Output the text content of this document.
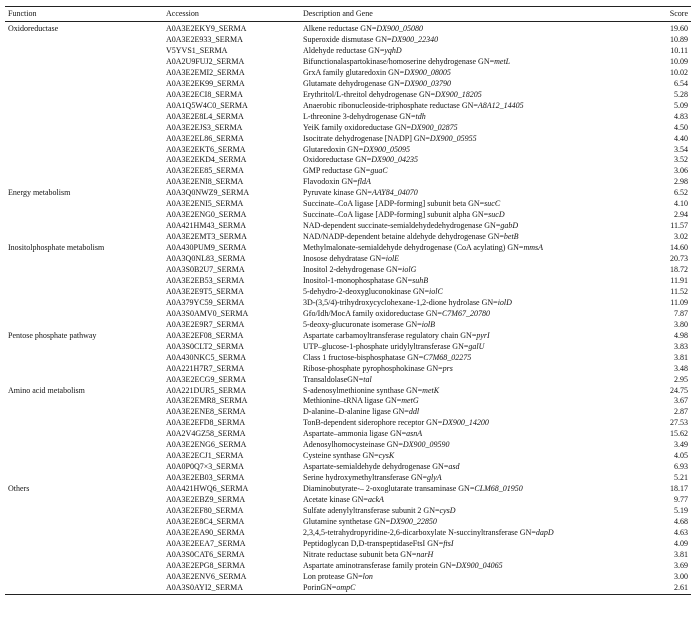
Function	Accession	Description and Gene	Score
Oxidoreductase	A0A3E2EKY9_SERMA	Alkene reductase GN=DX900_05080	19.60
	A0A3E2E933_SERMA	Superoxide dismutase GN=DX900_22340	10.89
	V5YVS1_SERMA	Aldehyde reductase GN=yqhD	10.11
	A0A2U9FUJ2_SERMA	Bifunctionalaspartokinase/homoserine dehydrogenase GN=metL	10.09
	A0A3E2EMI2_SERMA	GrxA family glutaredoxin GN=DX900_08005	10.02
	A0A3E2EK99_SERMA	Glutamate dehydrogenase GN=DX900_03790	6.54
	A0A3E2ECI8_SERMA	Erythritol/L-threitol dehydrogenase GN=DX900_18205	5.28
	A0A1Q5W4C0_SERMA	Anaerobic ribonucleoside-triphosphate reductase GN=A8A12_14405	5.09
	A0A3E2E8L4_SERMA	L-threonine 3-dehydrogenase GN=tdh	4.83
	A0A3E2EJS3_SERMA	YeiK family oxidoreductase GN=DX900_02875	4.50
	A0A3E2EL86_SERMA	Isocitrate dehydrogenase [NADP] GN=DX900_05955	4.40
	A0A3E2EKT6_SERMA	Glutaredoxin GN=DX900_05095	3.54
	A0A3E2EKD4_SERMA	Oxidoreductase GN=DX900_04235	3.52
	A0A3E2EE85_SERMA	GMP reductase GN=guaC	3.06
	A0A3E2ENI8_SERMA	Flavodoxin GN=fldA	2.98
Energy metabolism	A0A3Q0NWZ9_SERMA	Pyruvate kinase GN=AAY84_04070	6.52
	A0A3E2ENI5_SERMA	Succinate–CoA ligase [ADP-forming] subunit beta GN=sucC	4.10
	A0A3E2ENG0_SERMA	Succinate–CoA ligase [ADP-forming] subunit alpha GN=sucD	2.94
	A0A421HM43_SERMA	NAD-dependent succinate-semialdehydedehydrogenase GN=gabD	11.57
	A0A3E2EMT3_SERMA	NAD/NADP-dependent betaine aldehyde dehydrogenase GN=betB	3.02
Inositolphosphate metabolism	A0A430PUM9_SERMA	Methylmalonate-semialdehyde dehydrogenase (CoA acylating) GN=mmsA	14.60
	A0A3Q0NL83_SERMA	Inosose dehydratase GN=iolE	20.73
	A0A3S0B2U7_SERMA	Inositol 2-dehydrogenase GN=iolG	18.72
	A0A3E2EB53_SERMA	Inositol-1-monophosphatase GN=suhB	11.91
	A0A3E2E9T5_SERMA	5-dehydro-2-deoxygluconokinase GN=iolC	11.52
	A0A379YC59_SERMA	3D-(3,5/4)-trihydroxycyclohexane-1,2-dione hydrolase GN=iolD	11.09
	A0A3S0AMV0_SERMA	Gfo/Idh/MocA family oxidoreductase GN=C7M67_20780	7.87
	A0A3E2E9R7_SERMA	5-deoxy-glucuronate isomerase GN=iolB	3.80
Pentose phosphate pathway	A0A3E2EF08_SERMA	Aspartate carbamoyltransferase regulatory chain GN=pyrI	4.98
	A0A3S0CLT2_SERMA	UTP–glucose-1-phosphate uridylyltransferase GN=galU	3.83
	A0A430NKC5_SERMA	Class 1 fructose-bisphosphatase GN=C7M68_02275	3.81
	A0A221H7R7_SERMA	Ribose-phosphate pyrophosphokinase GN=prs	3.48
	A0A3E2ECG9_SERMA	TransaldolaseGN=tal	2.95
Amino acid metabolism	A0A221DUR5_SERMA	S-adenosylmethionine synthase GN=metK	24.75
	A0A3E2EMR8_SERMA	Methionine–tRNA ligase GN=metG	3.67
	A0A3E2ENE8_SERMA	D-alanine–D-alanine ligase GN=ddl	2.87
	A0A3E2EFD8_SERMA	TonB-dependent siderophore receptor GN=DX900_14200	27.53
	A0A2V4GZ58_SERMA	Aspartate–ammonia ligase GN=asnA	15.62
	A0A3E2ENG6_SERMA	Adenosylhomocysteinase GN=DX900_09590	3.49
	A0A3E2ECJ1_SERMA	Cysteine synthase GN=cysK	4.05
	A0A0P0Q7×3_SERMA	Aspartate-semialdehyde dehydrogenase GN=asd	6.93
	A0A3E2EB03_SERMA	Serine hydroxymethyltransferase GN=glyA	5.21
Others	A0A421HWQ6_SERMA	Diaminobutyrate-– 2-oxoglutarate transaminase GN=CLM68_01950	18.17
	A0A3E2EBZ9_SERMA	Acetate kinase GN=ackA	9.77
	A0A3E2EF80_SERMA	Sulfate adenylyltransferase subunit 2 GN=cysD	5.19
	A0A3E2E8C4_SERMA	Glutamine synthetase GN=DX900_22850	4.68
	A0A3E2EA90_SERMA	2,3,4,5-tetrahydropyridine-2,6-dicarboxylate N-succinyltransferase GN=dapD	4.63
	A0A3E2EEA7_SERMA	Peptidoglycan D,D-transpeptidaseFtsI GN=ftsI	4.09
	A0A3S0CAT6_SERMA	Nitrate reductase subunit beta GN=narH	3.81
	A0A3E2EPG8_SERMA	Aspartate aminotransferase family protein GN=DX900_04065	3.69
	A0A3E2ENV6_SERMA	Lon protease GN=lon	3.00
	A0A3S0AYI2_SERMA	PorinGN=ompC	2.61
